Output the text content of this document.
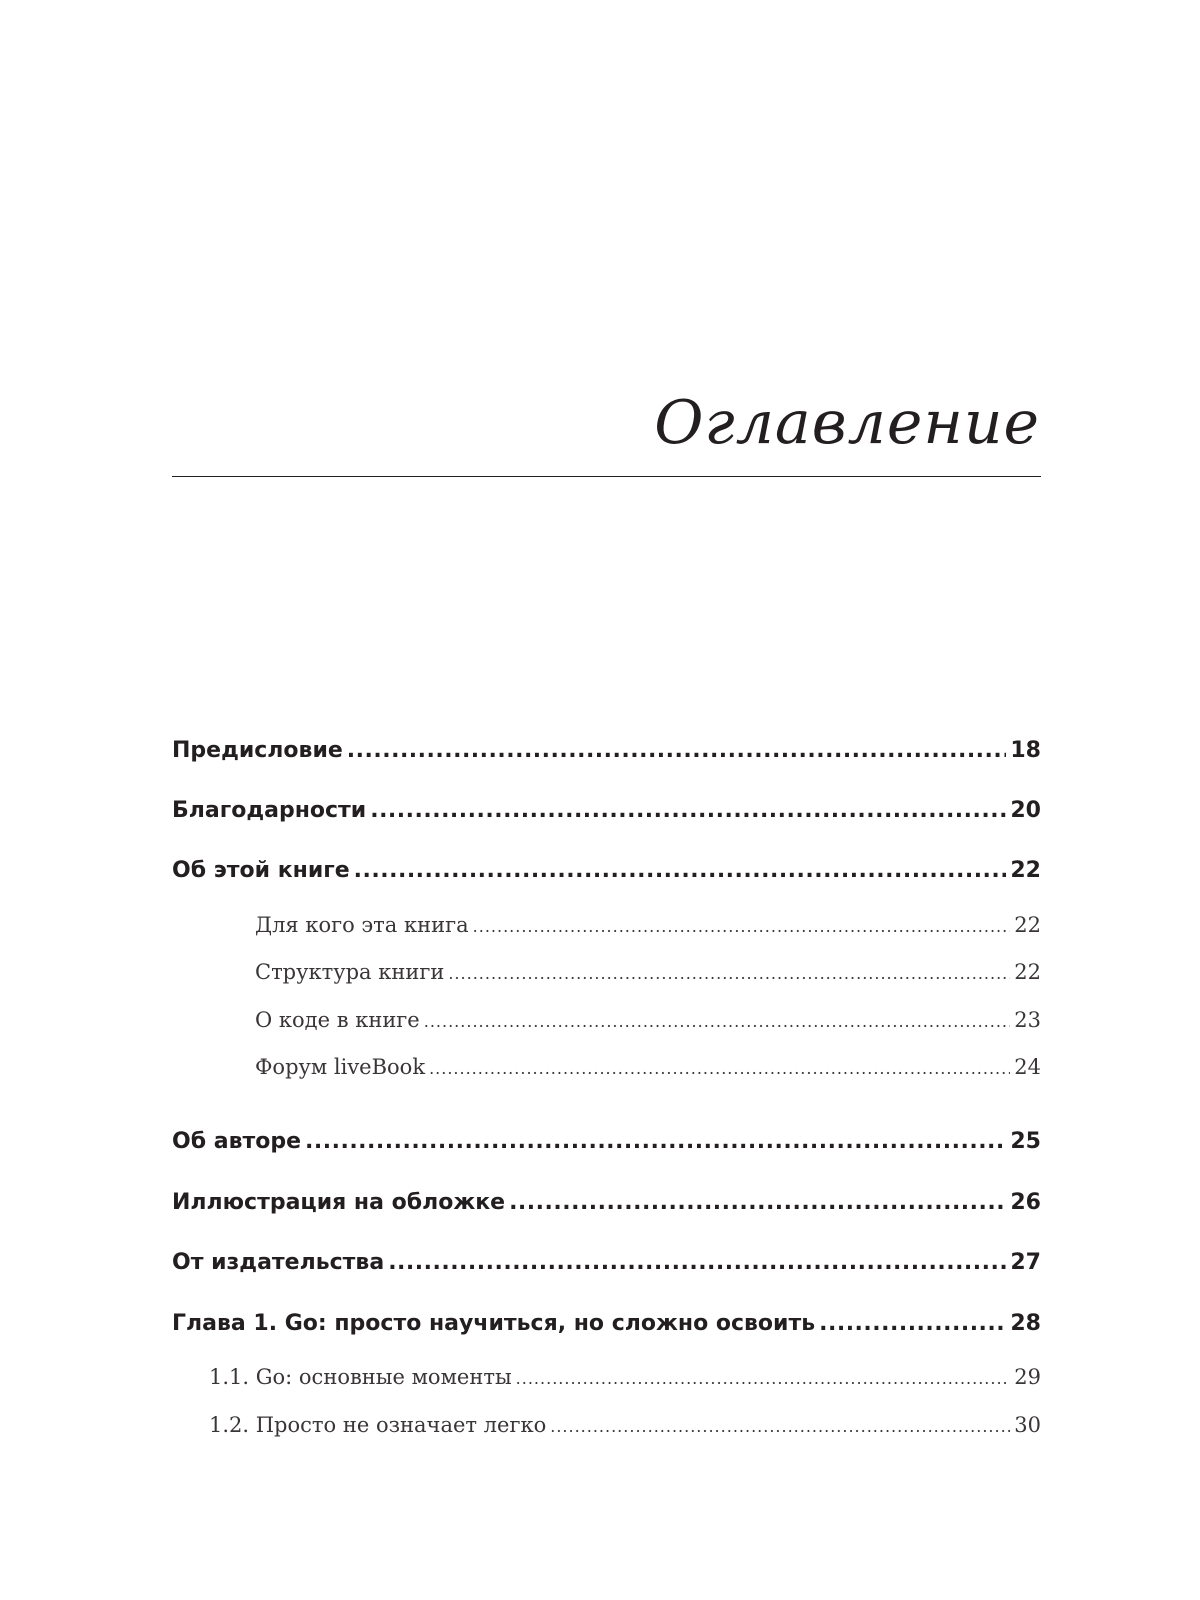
Оглавление
Предисловие .....	18
Благодарности .....	20
Об этой книге .....	22
Для кого эта книга .....	22
Структура книги .....	22
О коде в книге .....	23
Форум liveBook .....	24
Об авторе .....	25
Иллюстрация на обложке .....	26
От издательства .....	27
Глава 1. Go: просто научиться, но сложно освоить .....	28
1.1. Go: основные моменты .....	29
1.2. Просто не означает легко .....	30
